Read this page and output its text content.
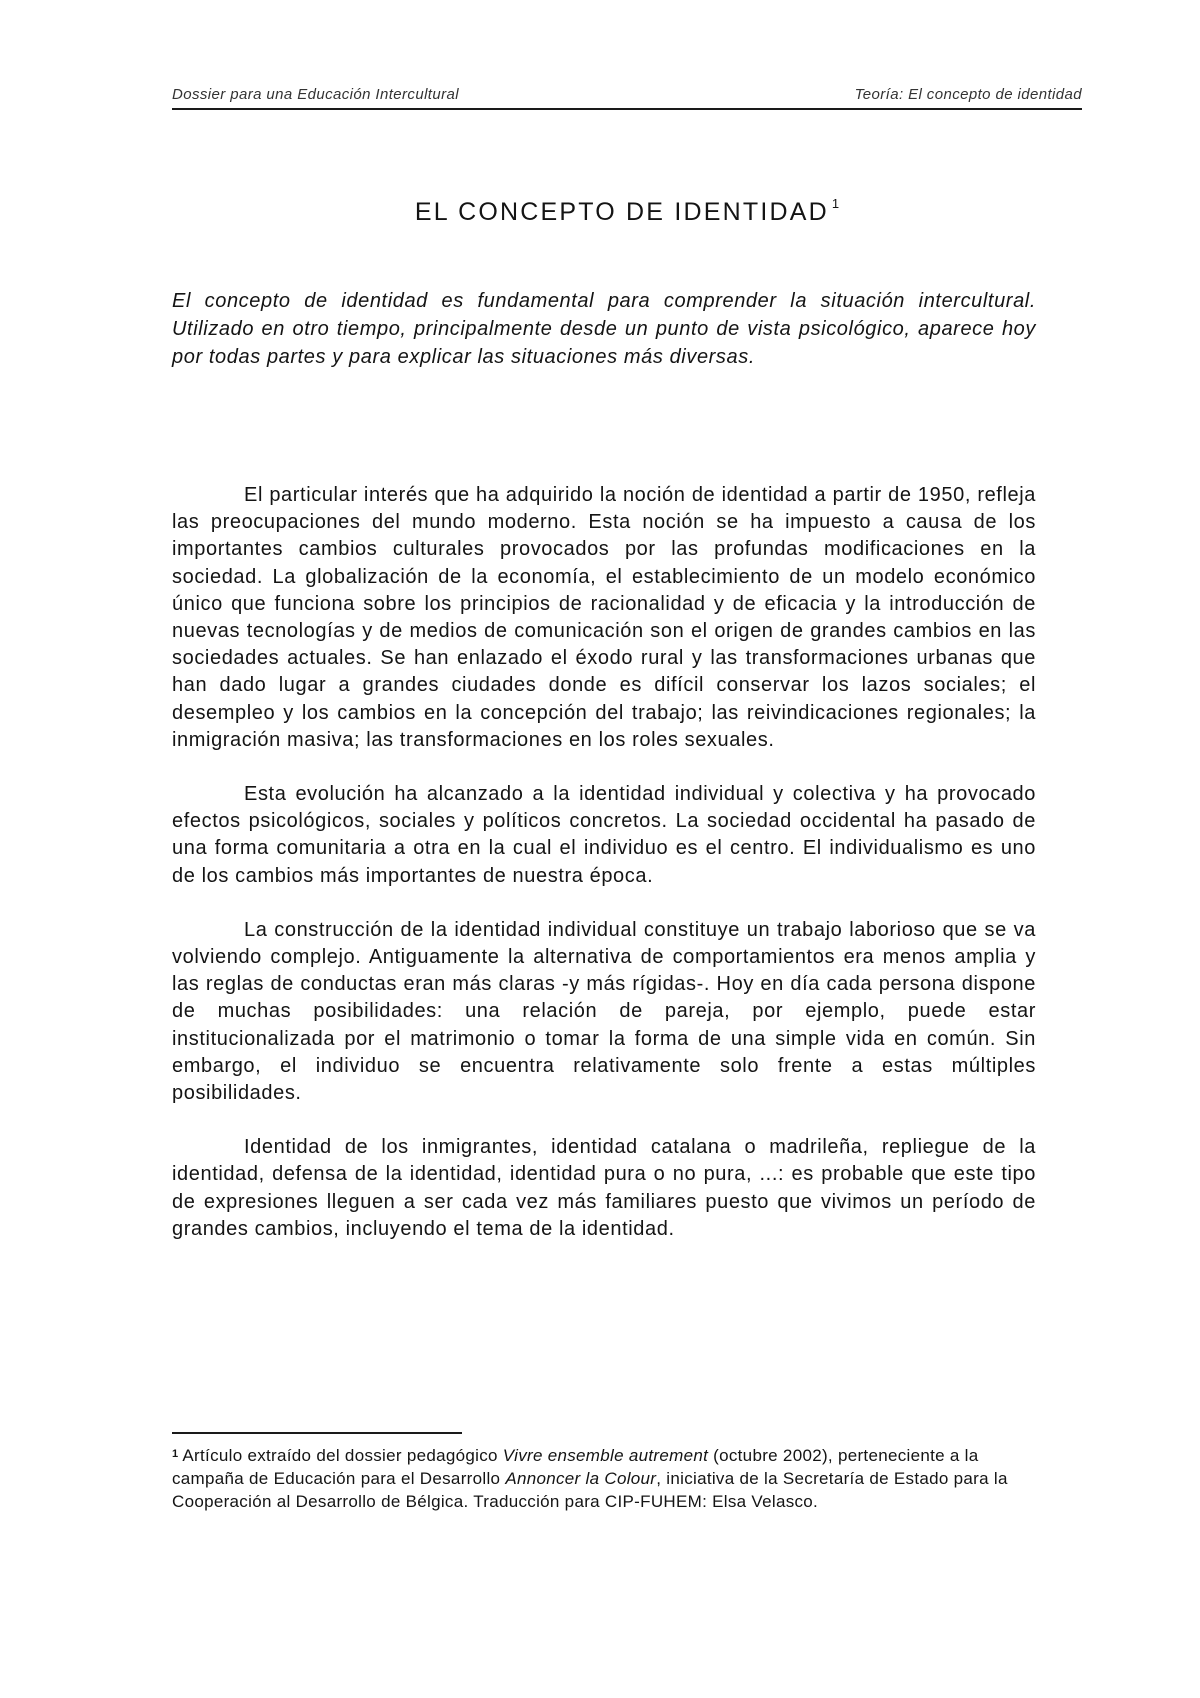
Dossier para una Educación Intercultural	Teoría: El concepto de identidad
EL CONCEPTO DE IDENTIDAD $^1$

El concepto de identidad es fundamental para comprender la situación intercultural. Utilizado en otro tiempo, principalmente desde un punto de vista psicológico, aparece hoy por todas partes y para explicar las situaciones más diversas.

El particular interés que ha adquirido la noción de identidad a partir de 1950, refleja las preocupaciones del mundo moderno. Esta noción se ha impuesto a causa de los importantes cambios culturales provocados por las profundas modificaciones en la sociedad. La globalización de la economía, el establecimiento de un modelo económico único que funciona sobre los principios de racionalidad y de eficacia y la introducción de nuevas tecnologías y de medios de comunicación son el origen de grandes cambios en las sociedades actuales. Se han enlazado el éxodo rural y las transformaciones urbanas que han dado lugar a grandes ciudades donde es difícil conservar los lazos sociales; el desempleo y los cambios en la concepción del trabajo; las reivindicaciones regionales; la inmigración masiva; las transformaciones en los roles sexuales.

Esta evolución ha alcanzado a la identidad individual y colectiva y ha provocado efectos psicológicos, sociales y políticos concretos. La sociedad occidental ha pasado de una forma comunitaria a otra en la cual el individuo es el centro. El individualismo es uno de los cambios más importantes de nuestra época.

La construcción de la identidad individual constituye un trabajo laborioso que se va volviendo complejo. Antiguamente la alternativa de comportamientos era menos amplia y las reglas de conductas eran más claras -y más rígidas-. Hoy en día cada persona dispone de muchas posibilidades: una relación de pareja, por ejemplo, puede estar institucionalizada por el matrimonio o tomar la forma de una simple vida en común. Sin embargo, el individuo se encuentra relativamente solo frente a estas múltiples posibilidades.

Identidad de los inmigrantes, identidad catalana o madrileña, repliegue de la identidad, defensa de la identidad, identidad pura o no pura, ...: es probable que este tipo de expresiones lleguen a ser cada vez más familiares puesto que vivimos un período de grandes cambios, incluyendo el tema de la identidad.

$^1$ Artículo extraído del dossier pedagógico Vivre ensemble autrement (octubre 2002), perteneciente a la campaña de Educación para el Desarrollo Annoncer la Colour, iniciativa de la Secretaría de Estado para la Cooperación al Desarrollo de Bélgica. Traducción para CIP-FUHEM: Elsa Velasco.
